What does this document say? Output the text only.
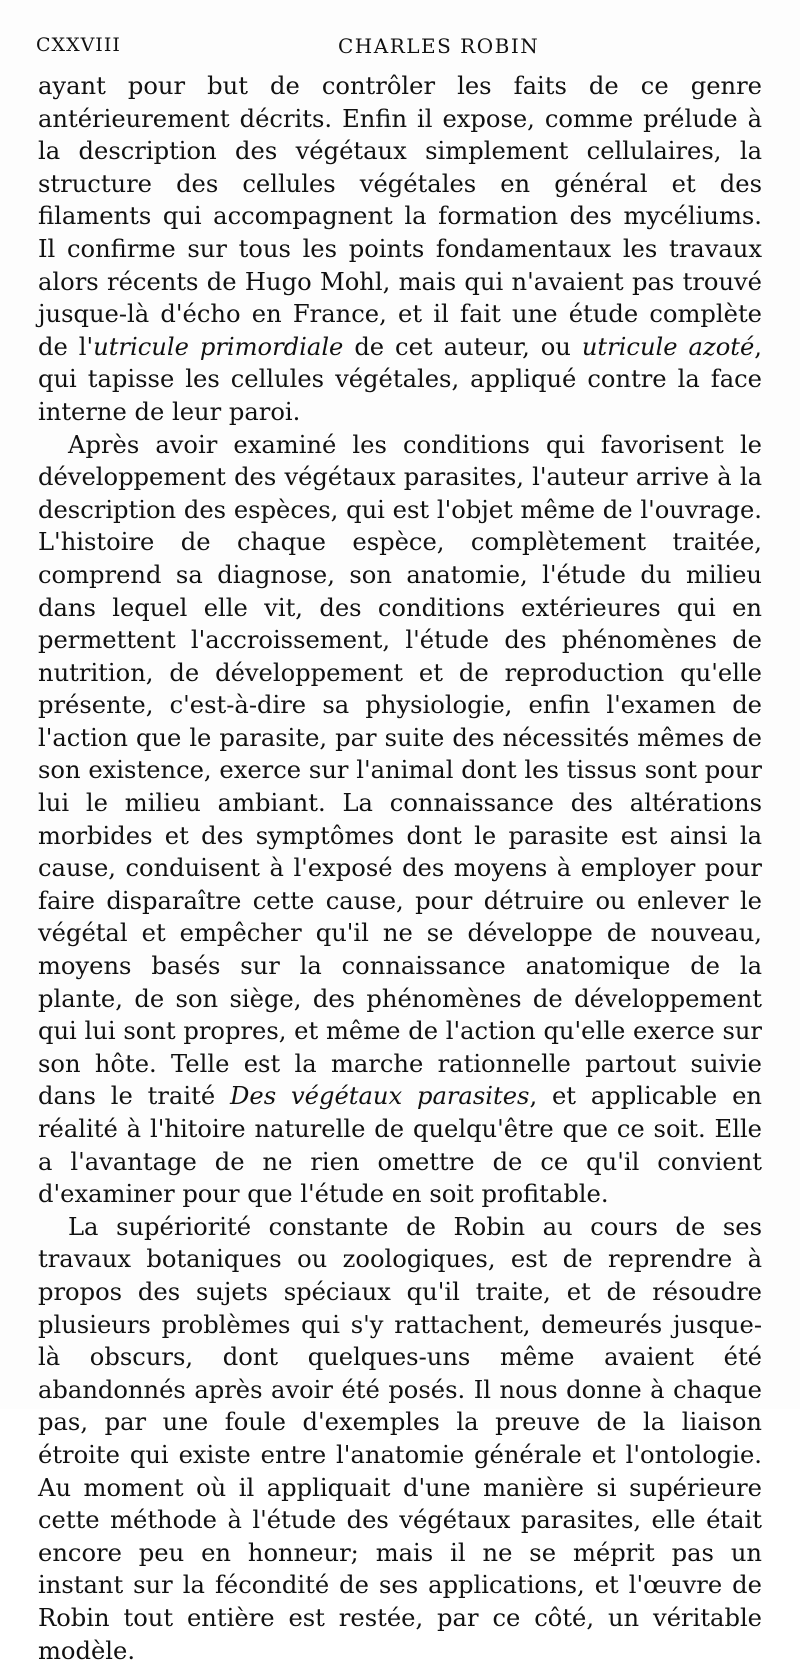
CXXVIII	CHARLES ROBIN

ayant pour but de contrôler les faits de ce genre antérieurement décrits. Enfin il expose, comme prélude à la description des végétaux simplement cellulaires, la structure des cellules végétales en général et des filaments qui accompagnent la formation des mycéliums. Il confirme sur tous les points fondamentaux les travaux alors récents de Hugo Mohl, mais qui n'avaient pas trouvé jusque-là d'écho en France, et il fait une étude complète de l'utricule primordiale de cet auteur, ou utricule azoté, qui tapisse les cellules végétales, appliqué contre la face interne de leur paroi.

Après avoir examiné les conditions qui favorisent le développement des végétaux parasites, l'auteur arrive à la description des espèces, qui est l'objet même de l'ouvrage. L'histoire de chaque espèce, complètement traitée, comprend sa diagnose, son anatomie, l'étude du milieu dans lequel elle vit, des conditions extérieures qui en permettent l'accroissement, l'étude des phénomènes de nutrition, de développement et de reproduction qu'elle présente, c'est-à-dire sa physiologie, enfin l'examen de l'action que le parasite, par suite des nécessités mêmes de son existence, exerce sur l'animal dont les tissus sont pour lui le milieu ambiant. La connaissance des altérations morbides et des symptômes dont le parasite est ainsi la cause, conduisent à l'exposé des moyens à employer pour faire disparaître cette cause, pour détruire ou enlever le végétal et empêcher qu'il ne se développe de nouveau, moyens basés sur la connaissance anatomique de la plante, de son siège, des phénomènes de développement qui lui sont propres, et même de l'action qu'elle exerce sur son hôte. Telle est la marche rationnelle partout suivie dans le traité Des végétaux parasites, et applicable en réalité à l'hitoire naturelle de quelqu'être que ce soit. Elle a l'avantage de ne rien omettre de ce qu'il convient d'examiner pour que l'étude en soit profitable.

La supériorité constante de Robin au cours de ses travaux botaniques ou zoologiques, est de reprendre à propos des sujets spéciaux qu'il traite, et de résoudre plusieurs problèmes qui s'y rattachent, demeurés jusque-là obscurs, dont quelques-uns même avaient été abandonnés après avoir été posés. Il nous donne à chaque pas, par une foule d'exemples la preuve de la liaison étroite qui existe entre l'anatomie générale et l'ontologie. Au moment où il appliquait d'une manière si supérieure cette méthode à l'étude des végétaux parasites, elle était encore peu en honneur; mais il ne se méprit pas un instant sur la fécondité de ses applications, et l'œuvre de Robin tout entière est restée, par ce côté, un véritable modèle.
